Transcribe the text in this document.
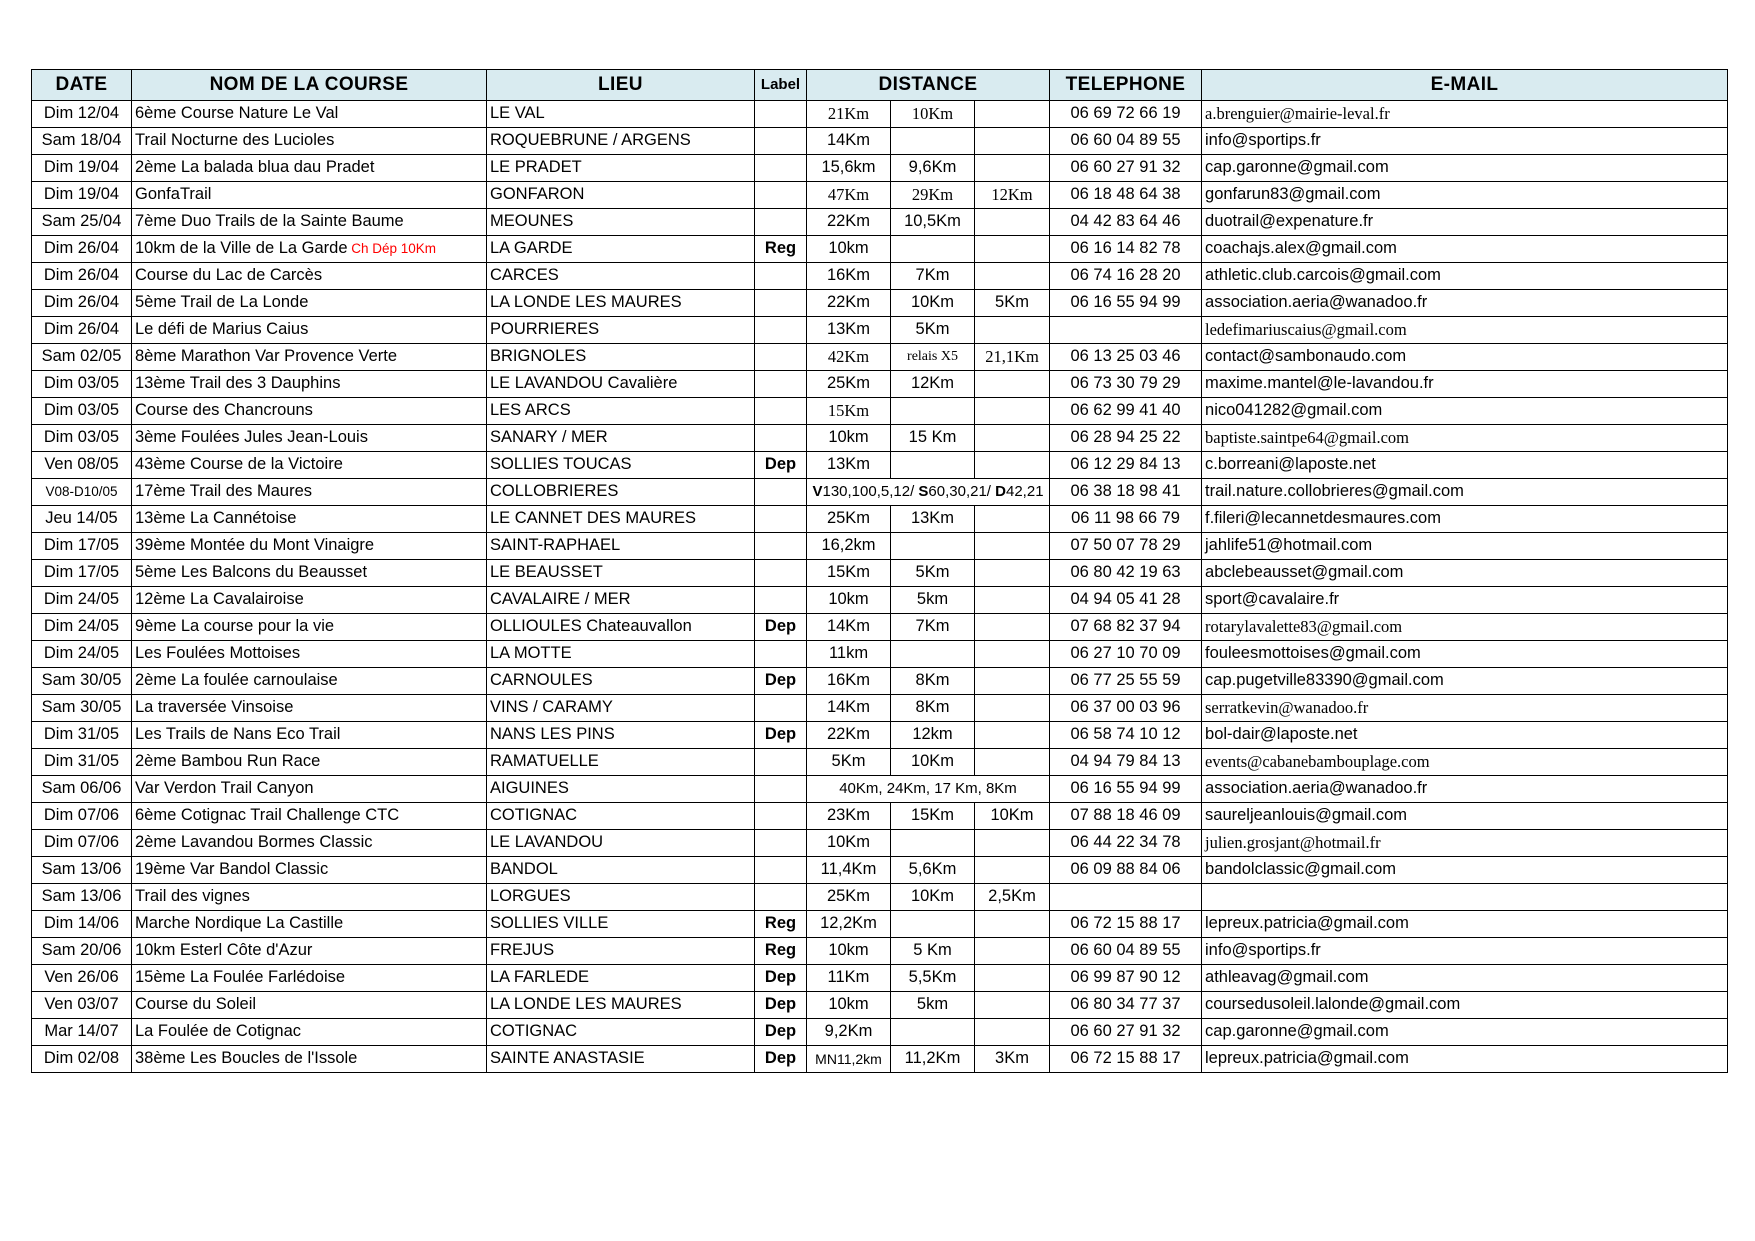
DATE	NOM DE LA COURSE	LIEU	Label	DISTANCE			TELEPHONE	E-MAIL
Dim 12/04	6ème Course Nature Le Val	LE VAL		21Km	10Km		06 69 72 66 19	a.brenguier@mairie-leval.fr
Sam 18/04	Trail Nocturne des Lucioles	ROQUEBRUNE / ARGENS		14Km			06 60 04 89 55	info@sportips.fr
Dim 19/04	2ème La balada blua dau Pradet	LE PRADET		15,6km	9,6Km		06 60 27 91 32	cap.garonne@gmail.com
Dim 19/04	GonfaTrail	GONFARON		47Km	29Km	12Km	06 18 48 64 38	gonfarun83@gmail.com
Sam 25/04	7ème Duo Trails de la Sainte Baume	MEOUNES		22Km	10,5Km		04 42 83 64 46	duotrail@expenature.fr
Dim 26/04	10km de la Ville de La Garde Ch Dép 10Km	LA GARDE	Reg	10km			06 16 14 82 78	coachajs.alex@gmail.com
Dim 26/04	Course du Lac de Carcès	CARCES		16Km	7Km		06 74 16 28 20	athletic.club.carcois@gmail.com
Dim 26/04	5ème Trail de La Londe	LA LONDE LES MAURES		22Km	10Km	5Km	06 16 55 94 99	association.aeria@wanadoo.fr
Dim 26/04	Le défi de Marius Caius	POURRIERES		13Km	5Km			ledefimariuscaius@gmail.com
Sam 02/05	8ème Marathon Var Provence Verte	BRIGNOLES		42Km	relais X5	21,1Km	06 13 25 03 46	contact@sambonaudo.com
Dim 03/05	13ème Trail des 3 Dauphins	LE LAVANDOU Cavalière		25Km	12Km		06 73 30 79 29	maxime.mantel@le-lavandou.fr
Dim 03/05	Course des Chancrouns	LES ARCS		15Km			06 62 99 41 40	nico041282@gmail.com
Dim 03/05	3ème Foulées Jules Jean-Louis	SANARY / MER		10km	15 Km		06 28 94 25 22	baptiste.saintpe64@gmail.com
Ven 08/05	43ème Course de la Victoire	SOLLIES TOUCAS	Dep	13Km			06 12 29 84 13	c.borreani@laposte.net
V08-D10/05	17ème Trail des Maures	COLLOBRIERES		V130,100,5,12/ S60,30,21/ D42,21			06 38 18 98 41	trail.nature.collobrieres@gmail.com
Jeu 14/05	13ème La Cannétoise	LE CANNET DES MAURES		25Km	13Km		06 11 98 66 79	f.fileri@lecannetdesmaures.com
Dim 17/05	39ème Montée du Mont Vinaigre	SAINT-RAPHAEL		16,2km			07 50 07 78 29	jahlife51@hotmail.com
Dim 17/05	5ème Les Balcons du Beausset	LE BEAUSSET		15Km	5Km		06 80 42 19 63	abclebeausset@gmail.com
Dim 24/05	12ème La Cavalairoise	CAVALAIRE / MER		10km	5km		04 94 05 41 28	sport@cavalaire.fr
Dim 24/05	9ème La course pour la vie	OLLIOULES Chateauvallon	Dep	14Km	7Km		07 68 82 37 94	rotarylavalette83@gmail.com
Dim 24/05	Les Foulées Mottoises	LA MOTTE		11km			06 27 10 70 09	fouleesmottoises@gmail.com
Sam 30/05	2ème La foulée carnoulaise	CARNOULES	Dep	16Km	8Km		06 77 25 55 59	cap.pugetville83390@gmail.com
Sam 30/05	La traversée Vinsoise	VINS / CARAMY		14Km	8Km		06 37 00 03 96	serratkevin@wanadoo.fr
Dim 31/05	Les Trails de Nans Eco Trail	NANS LES PINS	Dep	22Km	12km		06 58 74 10 12	bol-dair@laposte.net
Dim 31/05	2ème Bambou Run Race	RAMATUELLE		5Km	10Km		04 94 79 84 13	events@cabanebambouplage.com
Sam 06/06	Var Verdon Trail Canyon	AIGUINES		40Km, 24Km, 17 Km, 8Km			06 16 55 94 99	association.aeria@wanadoo.fr
Dim 07/06	6ème Cotignac Trail Challenge CTC	COTIGNAC		23Km	15Km	10Km	07 88 18 46 09	saureljeanlouis@gmail.com
Dim 07/06	2ème Lavandou Bormes Classic	LE LAVANDOU		10Km			06 44 22 34 78	julien.grosjant@hotmail.fr
Sam 13/06	19ème Var Bandol Classic	BANDOL		11,4Km	5,6Km		06 09 88 84 06	bandolclassic@gmail.com
Sam 13/06	Trail des vignes	LORGUES		25Km	10Km	2,5Km		
Dim 14/06	Marche Nordique La Castille	SOLLIES VILLE	Reg	12,2Km			06 72 15 88 17	lepreux.patricia@gmail.com
Sam 20/06	10km Esterl Côte d'Azur	FREJUS	Reg	10km	5 Km		06 60 04 89 55	info@sportips.fr
Ven 26/06	15ème La Foulée Farlédoise	LA FARLEDE	Dep	11Km	5,5Km		06 99 87 90 12	athleavag@gmail.com
Ven 03/07	Course du Soleil	LA LONDE LES MAURES	Dep	10km	5km		06 80 34 77 37	coursedusoleil.lalonde@gmail.com
Mar 14/07	La Foulée de Cotignac	COTIGNAC	Dep	9,2Km			06 60 27 91 32	cap.garonne@gmail.com
Dim 02/08	38ème Les Boucles de l'Issole	SAINTE ANASTASIE	Dep	MN11,2km	11,2Km	3Km	06 72 15 88 17	lepreux.patricia@gmail.com
